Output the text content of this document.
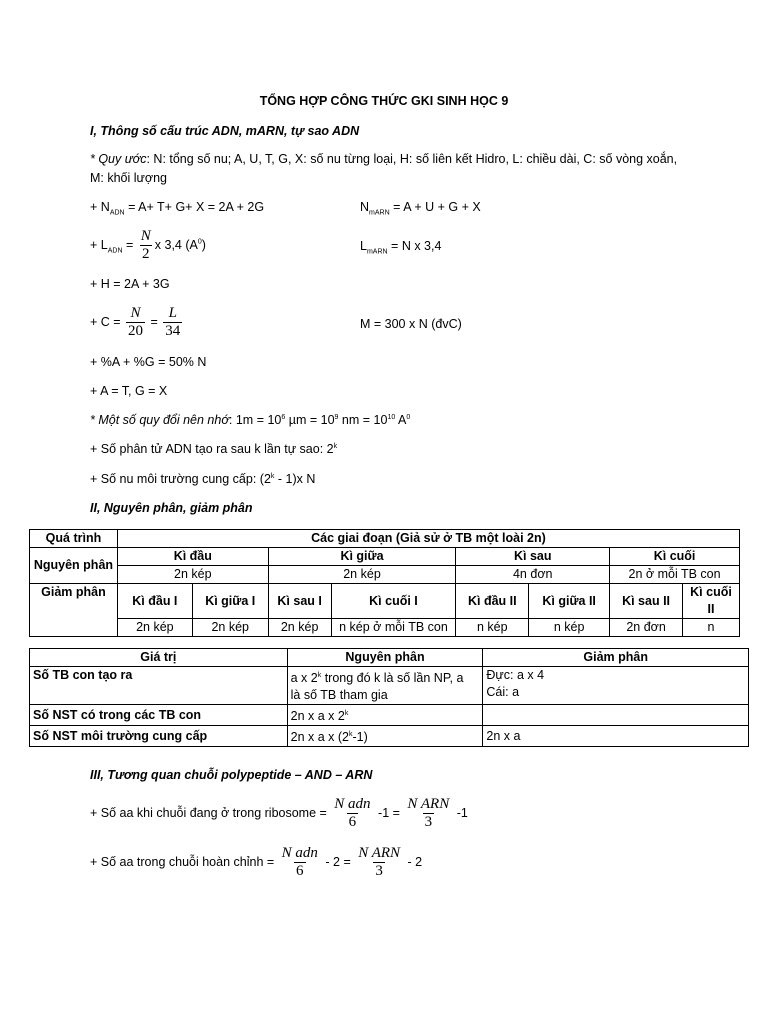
TỔNG HỢP CÔNG THỨC GKI SINH HỌC 9
I, Thông số cấu trúc ADN, mARN, tự sao ADN
* Quy ước: N: tổng số nu; A, U, T, G, X: số nu từng loại, H: số liên kết Hidro, L: chiều dài, C: số vòng xoắn,
M: khối lượng
+ $N_{ADN} = A+ T+ G+ X = 2A + 2G$	$N_{mARN} = A + U + G + X$
+ $L_{ADN} = \frac{N}{2}$ x 3,4 $(A^0)$	$L_{mARN} = N$ x 3,4
+ H = 2A + 3G
+ $C = \frac{N}{20} = \frac{L}{34}$	M = 300 x N (đvC)
+ %A + %G = 50% N
+ A = T, G = X
* Một số quy đổi nên nhớ: $1m = 10^6$ $\mu m = 10^9$ nm = $10^{10}$ $A^0$
+ Số phân tử ADN tạo ra sau k lần tự sao: $2^k$
+ Số nu môi trường cung cấp: (2$^k$ - 1)x N
II, Nguyên phân, giảm phân
Quá trình	Các giai đoạn (Giả sử ở TB một loài 2n)							
Nguyên phân	Kì đầu		Kì giữa		Kì sau		Kì cuối	
	2n kép		2n kép		4n đơn		2n ở mỗi TB con	
Giảm phân	Kì đầu I	Kì giữa I	Kì sau I	Kì cuối I	Kì đầu II	Kì giữa II	Kì sau II	Kì cuối II
	2n kép	2n kép	2n kép	n kép ở mỗi TB con	n kép	n kép	2n đơn	n
Giá trị	Nguyên phân	Giảm phân
Số TB con tạo ra	a x 2$^k$ trong đó k là số lần NP, a
là số TB tham gia	Đực: a x 4
Cái: a
Số NST có trong các TB con	2n x a x 2$^k$	
Số NST môi trường cung cấp	2n x a x (2$^k$-1)	2n x a
III, Tương quan chuỗi polypeptide – AND – ARN
+ Số aa khi chuỗi đang ở trong ribosome = $\frac{\text{N adn}}{6} -1 = \frac{\text{N ARN}}{3} -1$
+ Số aa trong chuỗi hoàn chỉnh = $\frac{\text{N adn}}{6} - 2 = \frac{\text{N ARN}}{3} - 2$
